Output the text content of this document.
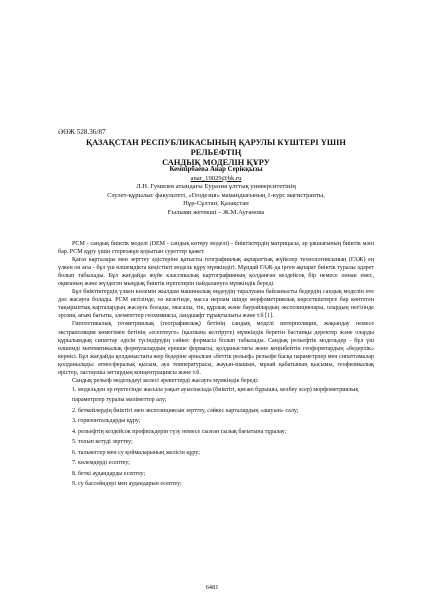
ӘӨЖ 528.36/87
ҚАЗАҚСТАН РЕСПУБЛИКАСЫНЫҢ ҚАРУЛЫ КҮШТЕРІ ҮШІН РЕЛЬЕФТІҢ
САНДЫҚ МОДЕЛІН ҚҰРУ
Кемпірбаева Анар Серікқызы
anar_19029@bk.ru
Л.Н. Гумилев атындағы Еуразия ұлттық университетінің
Сәулет-құрылыс факультеті, «Геодезия» мамандығының 1-курс магистранты,
Нұр-Сұлтан, Қазақстан
Ғылыми жетекші – Ж.М.Ауғанова

РСМ - сандық биіктік моделі (DEM - сандық көтеру моделі) - биіктіктердің матрицасы, әр ұяшығының биіктік мәні бар. РСМ құру үшін стереожұп қорытын суреттер қажет.

Қағаз карталары мен зерттеу әдістеріне қатысты географиялық ақпараттық жүйелер технологиясының (ГАЖ) ең үлкен он ағы - бұл үш өлшемдікта кеңістікті модель құру мүмкіндігі. Мұндай ГАЖ-да ірген ақпарат биіктік туралы әдәрет болып табылады. Бұл жағдайда жүйе классикалық картографияның қолданған кездейсоқ бір немесе оннан емес, оқиғаның және жүздеген мыңдық биіктік нүктелерін пайдалануға мүмкіндік береді.

Бұл биіктіктердің үлкен көлемін жылдам машиналық өңдеудің таралуына байланысты бедердің сандық моделін өте дәл жасауға болады. РСМ негізінде, өз кезегінде, масса иерлам шінде морфометриялық көрсеткіштерге бар көптеген тақырыптық карталардың жасауға болады, мысалы, тік, құрлық және баурайлардың экспозициялары, олардың негізінде эрозия, ағым бағыты, элементтер геохимиясы, ландшафт тұрақтылығы және т.б [1].

Гипотетикалық геометриялық (географиялық) бетінің сандық моделі интерполяция, жақындау немесе экстраполяция көмегімен бетінің «есептеуге» (қалпына келтіруге) мүмкіндік беретін бастапқы деректер және оларды құрылымдық сипаттау әдісін түсіндірудің сәйкес формасы болып табылады. Сандық рельефтік модельдер - бұл үш өлшемді математикалық формулалардың ерекше формасы, қолданыстағы және кеңінбейтін геоформтардың «бедерлік» кернісі. Бұл жағдайда қолданыстағы жер бедеріне арналған «беттік рельеф» рельефе басқа параметрлер мен сипаттамалар қолданылады: атмосфералық қысым, ауа температурасы, жауын-шашын, мұнай қабатының қысымы, геофизикалық өрістер, ластаушы заттардың концентрациясы және т.б.

Сандық рельеф модельдеуі келесі әрекеттерді жасауға мүмкіндік береді:

1. модельден әр нүктесінде жасыла уақыт ауыспасыда (биіктігі, қисаю бұрышы, келбеу әсер) морфометриялық параметрлер туралы мәліметтер алу;
2. беткейлердің биіктігі мен экспозициясын зерттеу, сәйкес карталардың «ашуын» салу;
3. горизонтальдарды құру;
4. рельефтің кездейсок профильдерін түзу немесе сызған сызық бағытына тұралау;
5. толып кетуді зерттеу;
6. тальвеггер мен су қоймаларының желісін құру;
7. көлемдерді есептеу;
8. беткі аудандарды есептеу;
9. су бассейндері мен аудандарын есептеу;
6481
